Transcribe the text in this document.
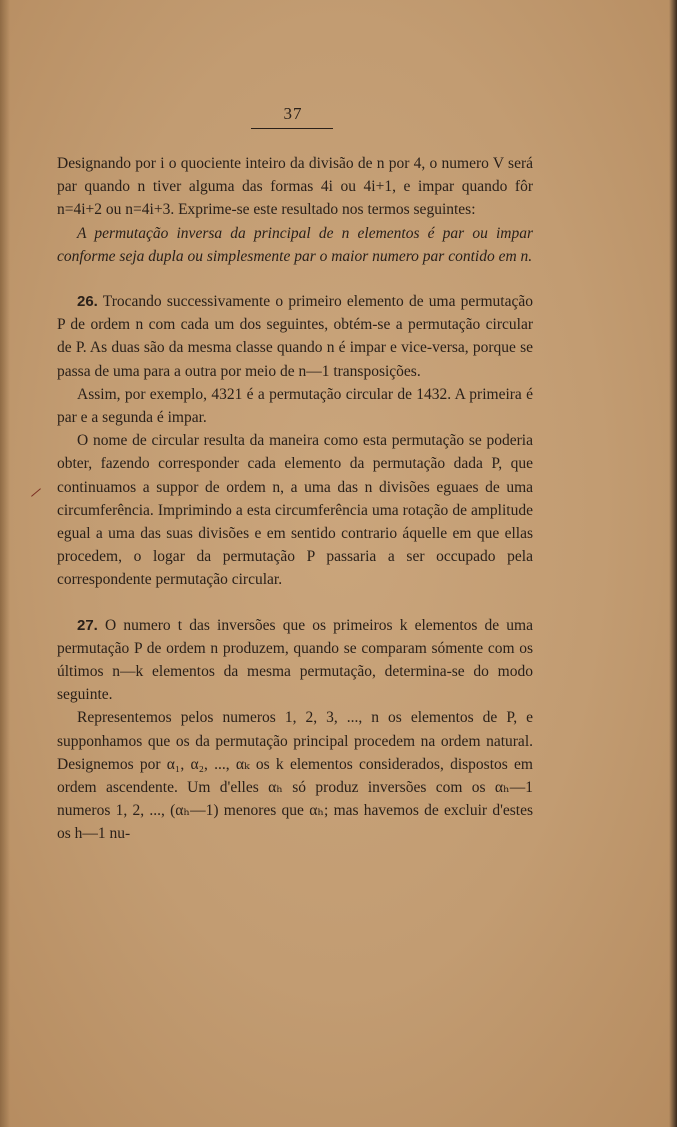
37

Designando por i o quociente inteiro da divisão de n por 4, o numero V será par quando n tiver alguma das formas 4i ou 4i+1, e impar quando fôr n=4i+2 ou n=4i+3. Exprime-se este resultado nos termos seguintes:

A permutação inversa da principal de n elementos é par ou impar conforme seja dupla ou simplesmente par o maior numero par contido em n.

26. Trocando successivamente o primeiro elemento de uma permutação P de ordem n com cada um dos seguintes, obtém-se a permutação circular de P. As duas são da mesma classe quando n é impar e vice-versa, porque se passa de uma para a outra por meio de n—1 transposições.

Assim, por exemplo, 4321 é a permutação circular de 1432. A primeira é par e a segunda é impar.

O nome de circular resulta da maneira como esta permutação se poderia obter, fazendo corresponder cada elemento da permutação dada P, que continuamos a suppor de ordem n, a uma das n divisões eguaes de uma circumferência. Imprimindo a esta circumferência uma rotação de amplitude egual a uma das suas divisões e em sentido contrario áquelle em que ellas procedem, o logar da permutação P passaria a ser occupado pela correspondente permutação circular.

27. O numero t das inversões que os primeiros k elementos de uma permutação P de ordem n produzem, quando se comparam sómente com os últimos n—k elementos da mesma permutação, determina-se do modo seguinte.

Representemos pelos numeros 1, 2, 3, ..., n os elementos de P, e supponhamos que os da permutação principal procedem na ordem natural. Designemos por α₁, α₂, ..., αₖ os k elementos considerados, dispostos em ordem ascendente. Um d'elles αₕ só produz inversões com os αₕ—1 numeros 1, 2, ..., (αₕ—1) menores que αₕ; mas havemos de excluir d'estes os h—1 nu-
